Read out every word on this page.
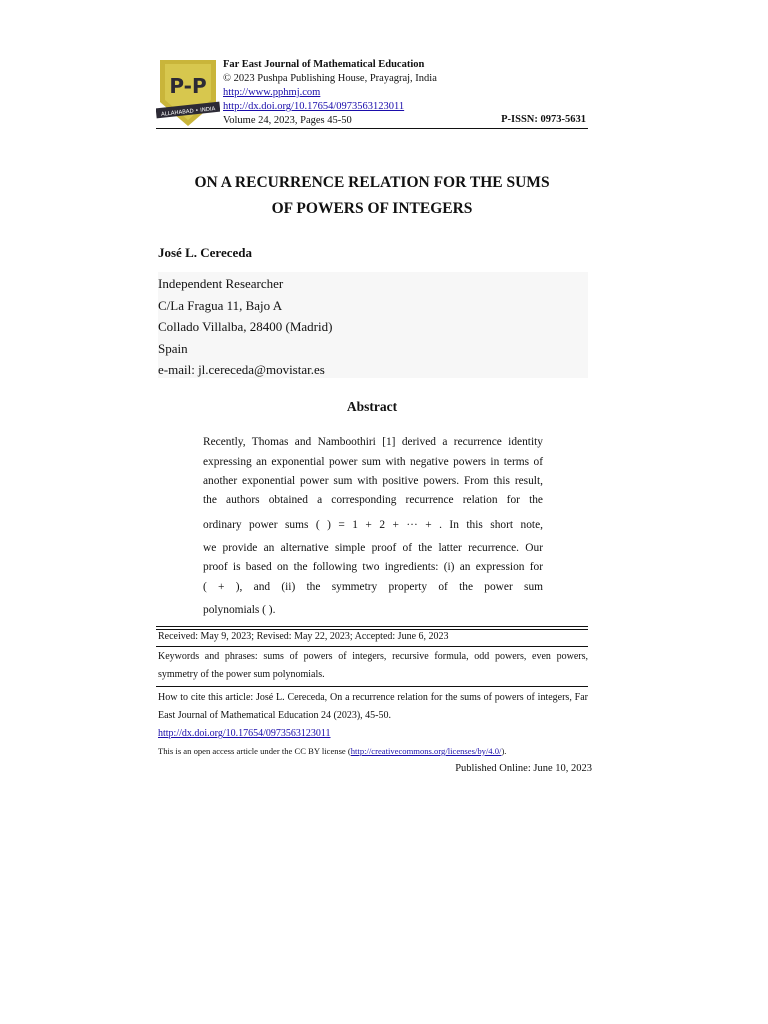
P-P
ALLAHABAD • INDIA
Far East Journal of Mathematical Education
© 2023 Pushpa Publishing House, Prayagraj, India
http://www.pphmj.com
http://dx.doi.org/10.17654/0973563123011
Volume 24, 2023, Pages 45-50	P-ISSN: 0973-5631
ON A RECURRENCE RELATION FOR THE SUMS
OF POWERS OF INTEGERS
José L. Cereceda
Independent Researcher
C/La Fragua 11, Bajo A
Collado Villalba, 28400 (Madrid)
Spain
e-mail: jl.cereceda@movistar.es
Abstract
Recently, Thomas and Namboothiri [1] derived a recurrence identity
expressing an exponential power sum with negative powers in terms of
another exponential power sum with positive powers. From this result,
the authors obtained a corresponding recurrence relation for the
ordinary power sums ( ) = 1 + 2 + ··· + . In this short note,
we provide an alternative simple proof of the latter recurrence. Our
proof is based on the following two ingredients: (i) an expression for
( + ), and (ii) the symmetry property of the power sum
polynomials ( ).
Received: May 9, 2023; Revised: May 22, 2023; Accepted: June 6, 2023
Keywords and phrases: sums of powers of integers, recursive formula, odd powers, even powers, symmetry of the power sum polynomials.
How to cite this article: José L. Cereceda, On a recurrence relation for the sums of powers of integers, Far East Journal of Mathematical Education 24 (2023), 45-50.
http://dx.doi.org/10.17654/0973563123011
This is an open access article under the CC BY license (http://creativecommons.org/licenses/by/4.0/).
Published Online: June 10, 2023
